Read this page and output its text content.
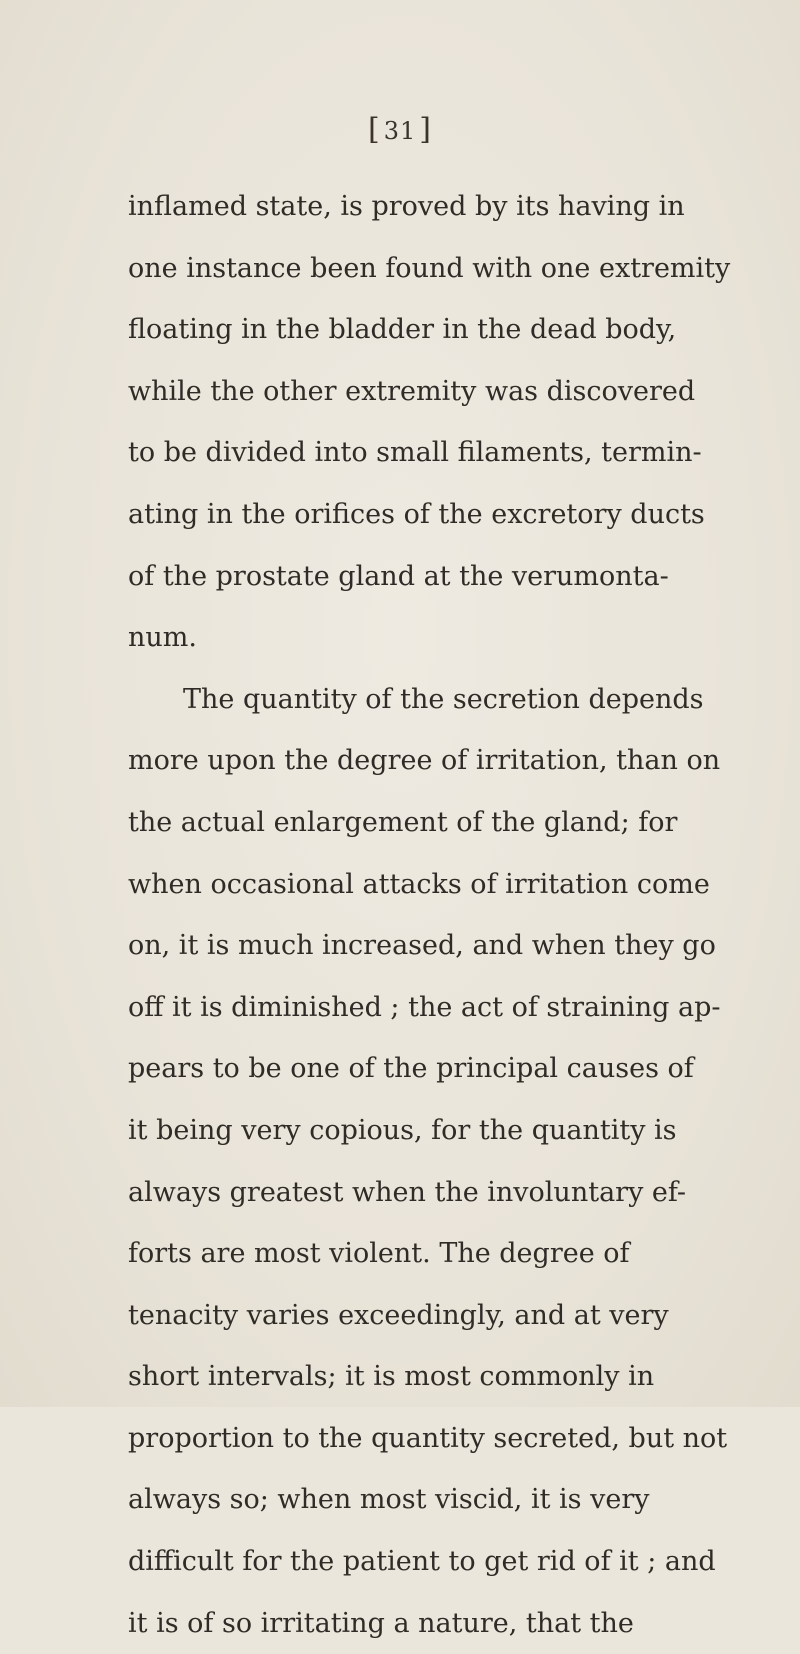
[ 31 ]
inflamed state, is proved by its having in
one instance been found with one extremity
floating in the bladder in the dead body,
while the other extremity was discovered
to be divided into small filaments, termin-
ating in the orifices of the excretory ducts
of the prostate gland at the verumonta-
num.
The quantity of the secretion depends
more upon the degree of irritation, than on
the actual enlargement of the gland; for
when occasional attacks of irritation come
on, it is much increased, and when they go
off it is diminished ; the act of straining ap-
pears to be one of the principal causes of
it being very copious, for the quantity is
always greatest when the involuntary ef-
forts are most violent. The degree of
tenacity varies exceedingly, and at very
short intervals; it is most commonly in
proportion to the quantity secreted, but not
always so; when most viscid, it is very
difficult for the patient to get rid of it ; and
it is of so irritating a nature, that the
